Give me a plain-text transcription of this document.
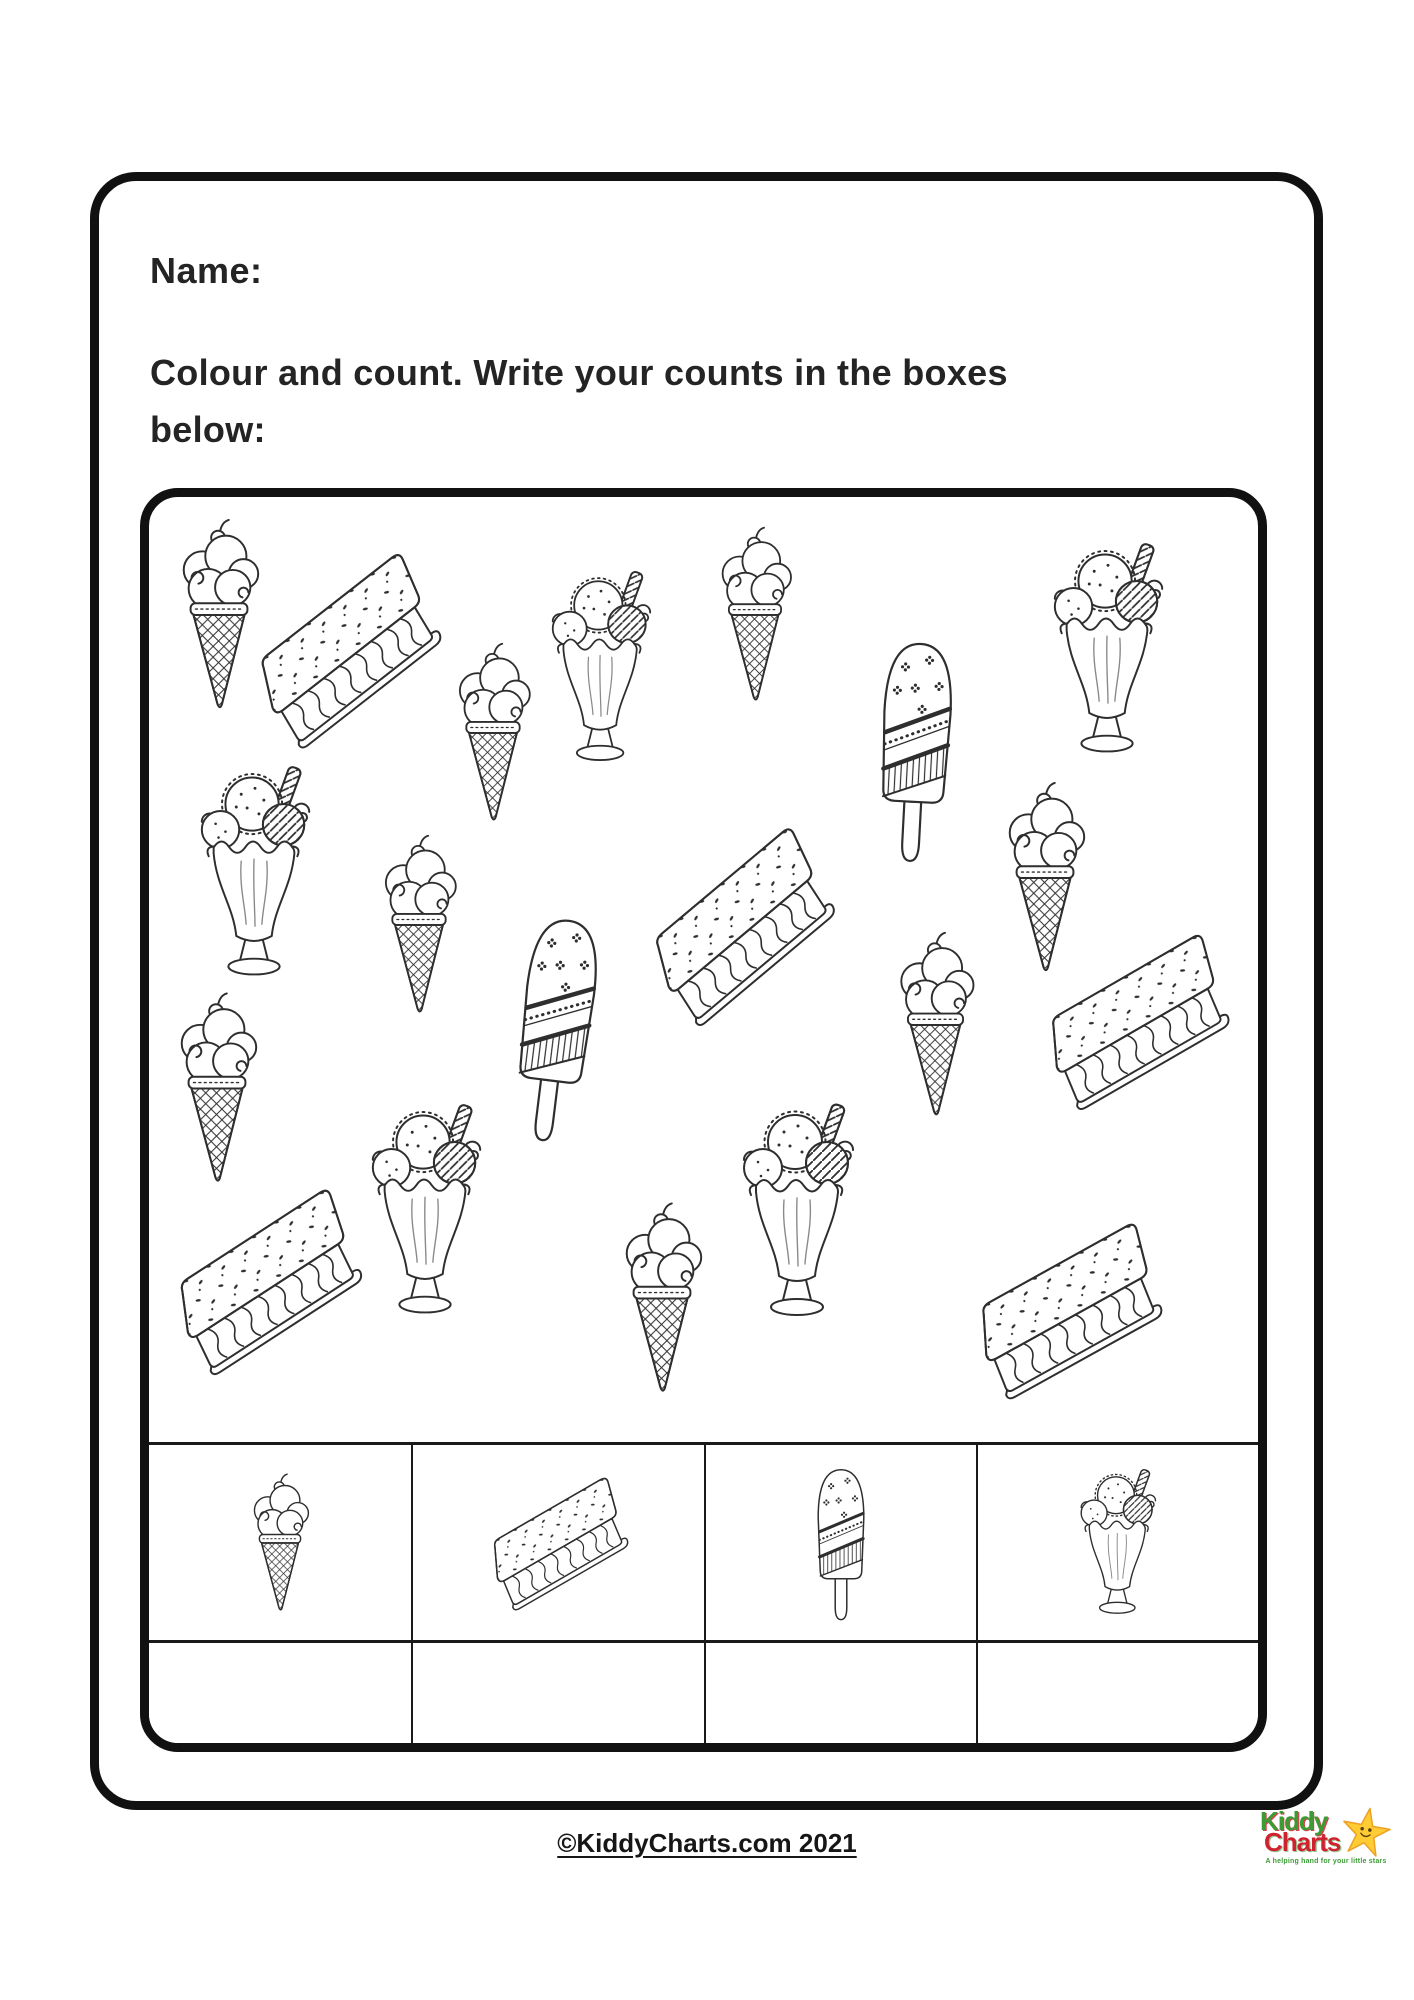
Name:
Colour and count. Write your counts in the boxes
below:
©KiddyCharts.com 2021
Kiddy
Charts
A helping hand for your little stars
